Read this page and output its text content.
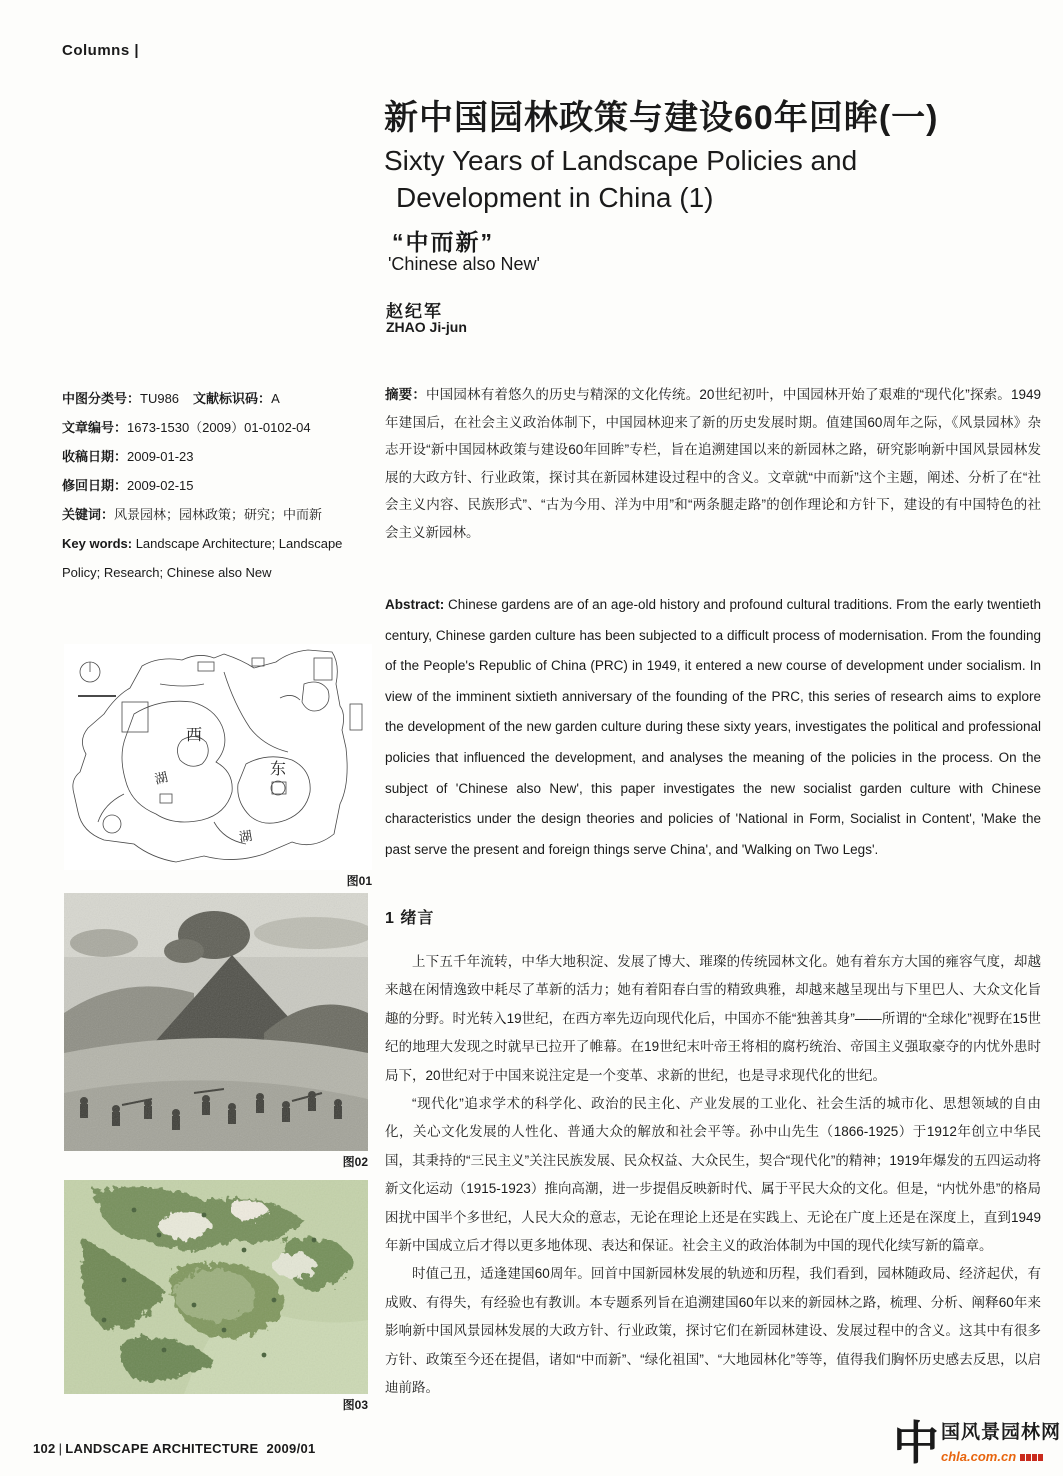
Columns |
新中国园林政策与建设60年回眸(一)
Sixty Years of Landscape Policies and
Development in China (1)
“中而新”
'Chinese also New'
赵纪军
ZHAO Ji-jun
中图分类号：TU986 文献标识码：A
文章编号：1673-1530（2009）01-0102-04
收稿日期：2009-01-23
修回日期：2009-02-15
关键词：风景园林；园林政策；研究；中而新
Key words: Landscape Architecture; Landscape Policy; Research; Chinese also New
摘要：中国园林有着悠久的历史与精深的文化传统。20世纪初叶，中国园林开始了艰难的“现代化”探索。1949年建国后，在社会主义政治体制下，中国园林迎来了新的历史发展时期。值建国60周年之际，《风景园林》杂志开设“新中国园林政策与建设60年回眸”专栏，旨在追溯建国以来的新园林之路，研究影响新中国风景园林发展的大政方针、行业政策，探讨其在新园林建设过程中的含义。文章就“中而新”这个主题，阐述、分析了在“社会主义内容、民族形式”、“古为今用、洋为中用”和“两条腿走路”的创作理论和方针下，建设的有中国特色的社会主义新园林。
Abstract: Chinese gardens are of an age-old history and profound cultural traditions. From the early twentieth century, Chinese garden culture has been subjected to a difficult process of modernisation. From the founding of the People's Republic of China (PRC) in 1949, it entered a new course of development under socialism. In view of the imminent sixtieth anniversary of the founding of the PRC, this series of research aims to explore the development of the new garden culture during these sixty years, investigates the political and professional policies that influenced the development, and analyses the meaning of the policies in the process. On the subject of 'Chinese also New', this paper investigates the new socialist garden culture with Chinese characteristics under the design theories and policies of 'National in Form, Socialist in Content', 'Make the past serve the present and foreign things serve China', and 'Walking on Two Legs'.
1 绪言

上下五千年流转，中华大地积淀、发展了博大、璀璨的传统园林文化。她有着东方大国的雍容气度，却越来越在闲情逸致中耗尽了革新的活力；她有着阳春白雪的精致典雅，却越来越呈现出与下里巴人、大众文化旨趣的分野。时光转入19世纪，在西方率先迈向现代化后，中国亦不能“独善其身”——所谓的“全球化”视野在15世纪的地理大发现之时就早已拉开了帷幕。在19世纪末叶帝王将相的腐朽统治、帝国主义强取豪夺的内忧外患时局下，20世纪对于中国来说注定是一个变革、求新的世纪，也是寻求现代化的世纪。

“现代化”追求学术的科学化、政治的民主化、产业发展的工业化、社会生活的城市化、思想领域的自由化，关心文化发展的人性化、普通大众的解放和社会平等。孙中山先生（1866-1925）于1912年创立中华民国，其秉持的“三民主义”关注民族发展、民众权益、大众民生，契合“现代化”的精神；1919年爆发的五四运动将新文化运动（1915-1923）推向高潮，进一步提倡反映新时代、属于平民大众的文化。但是，“内忧外患”的格局困扰中国半个多世纪，人民大众的意志，无论在理论上还是在实践上、无论在广度上还是在深度上，直到1949年新中国成立后才得以更多地体现、表达和保证。社会主义的政治体制为中国的现代化续写新的篇章。

时值己丑，适逢建国60周年。回首中国新园林发展的轨迹和历程，我们看到，园林随政局、经济起伏，有成败、有得失，有经验也有教训。本专题系列旨在追溯建国60年以来的新园林之路，梳理、分析、阐释60年来影响新中国风景园林发展的大政方针、行业政策，探讨它们在新园林建设、发展过程中的含义。这其中有很多方针、政策至今还在提倡，诸如“中而新”、“绿化祖国”、“大地园林化”等等，值得我们胸怀历史感去反思，以启迪前路。

西
东
湖
湖
图01
图02
图03
102 | LANDSCAPE ARCHITECTURE 2009/01	中 国风景园林网
chla.com.cn
